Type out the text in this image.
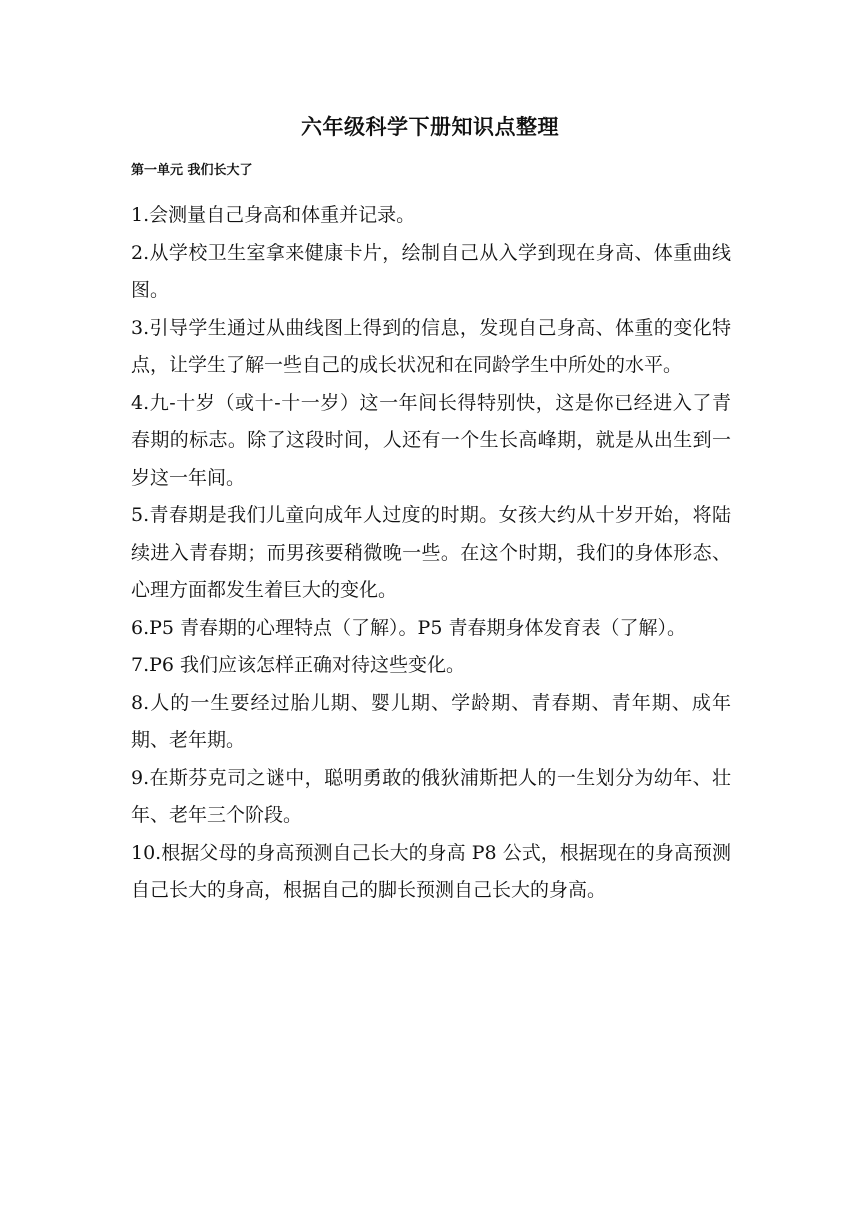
六年级科学下册知识点整理
第一单元 我们长大了

1.会测量自己身高和体重并记录。

2.从学校卫生室拿来健康卡片，绘制自己从入学到现在身高、体重曲线图。

3.引导学生通过从曲线图上得到的信息，发现自己身高、体重的变化特点，让学生了解一些自己的成长状况和在同龄学生中所处的水平。

4.九-十岁（或十-十一岁）这一年间长得特别快，这是你已经进入了青春期的标志。除了这段时间，人还有一个生长高峰期，就是从出生到一岁这一年间。

5.青春期是我们儿童向成年人过度的时期。女孩大约从十岁开始，将陆续进入青春期；而男孩要稍微晚一些。在这个时期，我们的身体形态、心理方面都发生着巨大的变化。

6.P5 青春期的心理特点（了解）。P5 青春期身体发育表（了解）。

7.P6 我们应该怎样正确对待这些变化。

8.人的一生要经过胎儿期、婴儿期、学龄期、青春期、青年期、成年期、老年期。

9.在斯芬克司之谜中，聪明勇敢的俄狄浦斯把人的一生划分为幼年、壮年、老年三个阶段。

10.根据父母的身高预测自己长大的身高 P8 公式，根据现在的身高预测自己长大的身高，根据自己的脚长预测自己长大的身高。
